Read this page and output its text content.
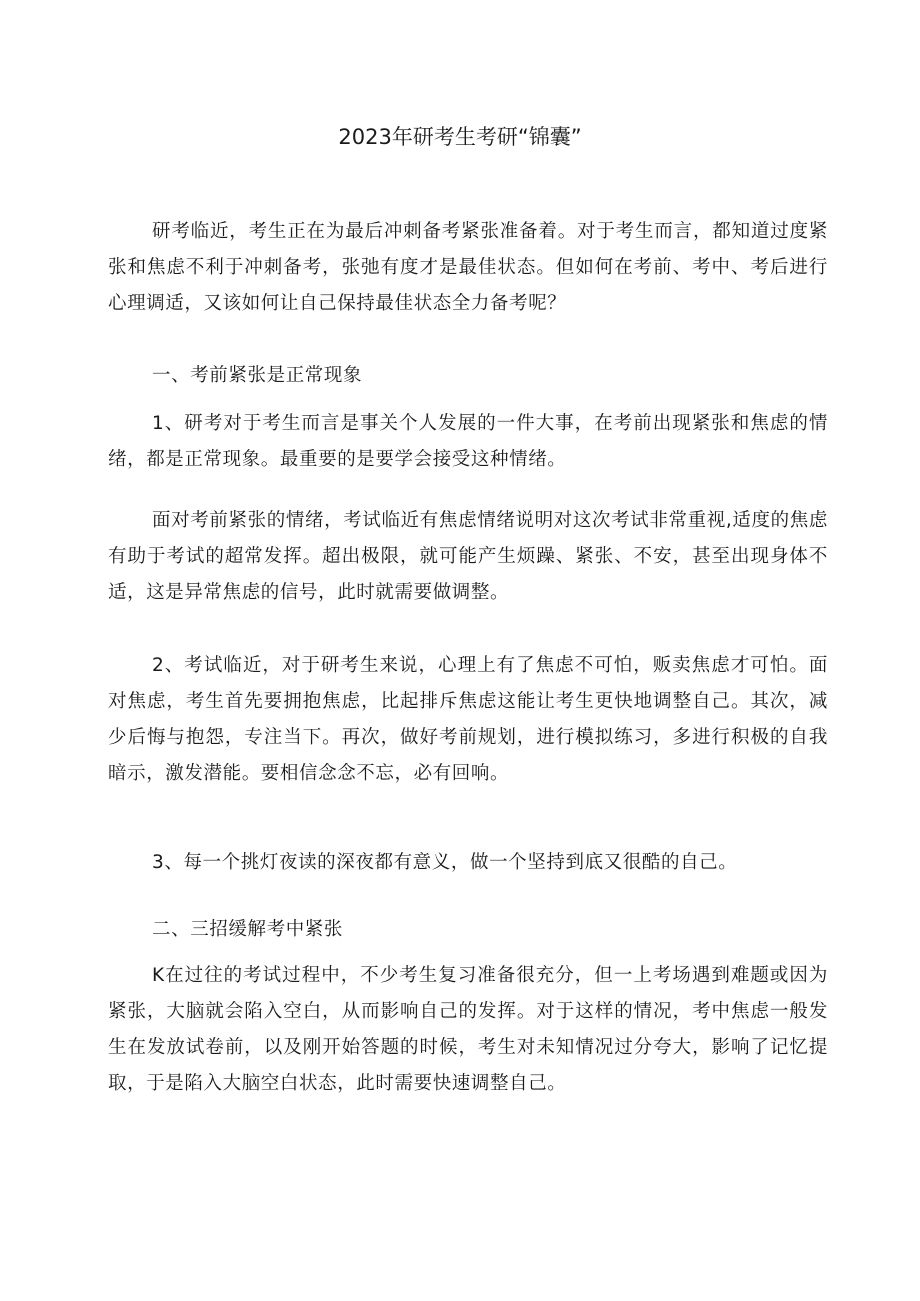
2023年研考生考研“锦囊”

研考临近，考生正在为最后冲刺备考紧张准备着。对于考生而言，都知道过度紧张和焦虑不利于冲刺备考，张弛有度才是最佳状态。但如何在考前、考中、考后进行心理调适，又该如何让自己保持最佳状态全力备考呢？

一、考前紧张是正常现象

1、研考对于考生而言是事关个人发展的一件大事，在考前出现紧张和焦虑的情绪，都是正常现象。最重要的是要学会接受这种情绪。

面对考前紧张的情绪，考试临近有焦虑情绪说明对这次考试非常重视,适度的焦虑有助于考试的超常发挥。超出极限，就可能产生烦躁、紧张、不安，甚至出现身体不适，这是异常焦虑的信号，此时就需要做调整。

2、考试临近，对于研考生来说，心理上有了焦虑不可怕，贩卖焦虑才可怕。面对焦虑，考生首先要拥抱焦虑，比起排斥焦虑这能让考生更快地调整自己。其次，减少后悔与抱怨，专注当下。再次，做好考前规划，进行模拟练习，多进行积极的自我暗示，激发潜能。要相信念念不忘，必有回响。

3、每一个挑灯夜读的深夜都有意义，做一个坚持到底又很酷的自己。

二、三招缓解考中紧张

K在过往的考试过程中，不少考生复习准备很充分，但一上考场遇到难题或因为紧张，大脑就会陷入空白，从而影响自己的发挥。对于这样的情况，考中焦虑一般发生在发放试卷前，以及刚开始答题的时候，考生对未知情况过分夸大，影响了记忆提取，于是陷入大脑空白状态，此时需要快速调整自己。
